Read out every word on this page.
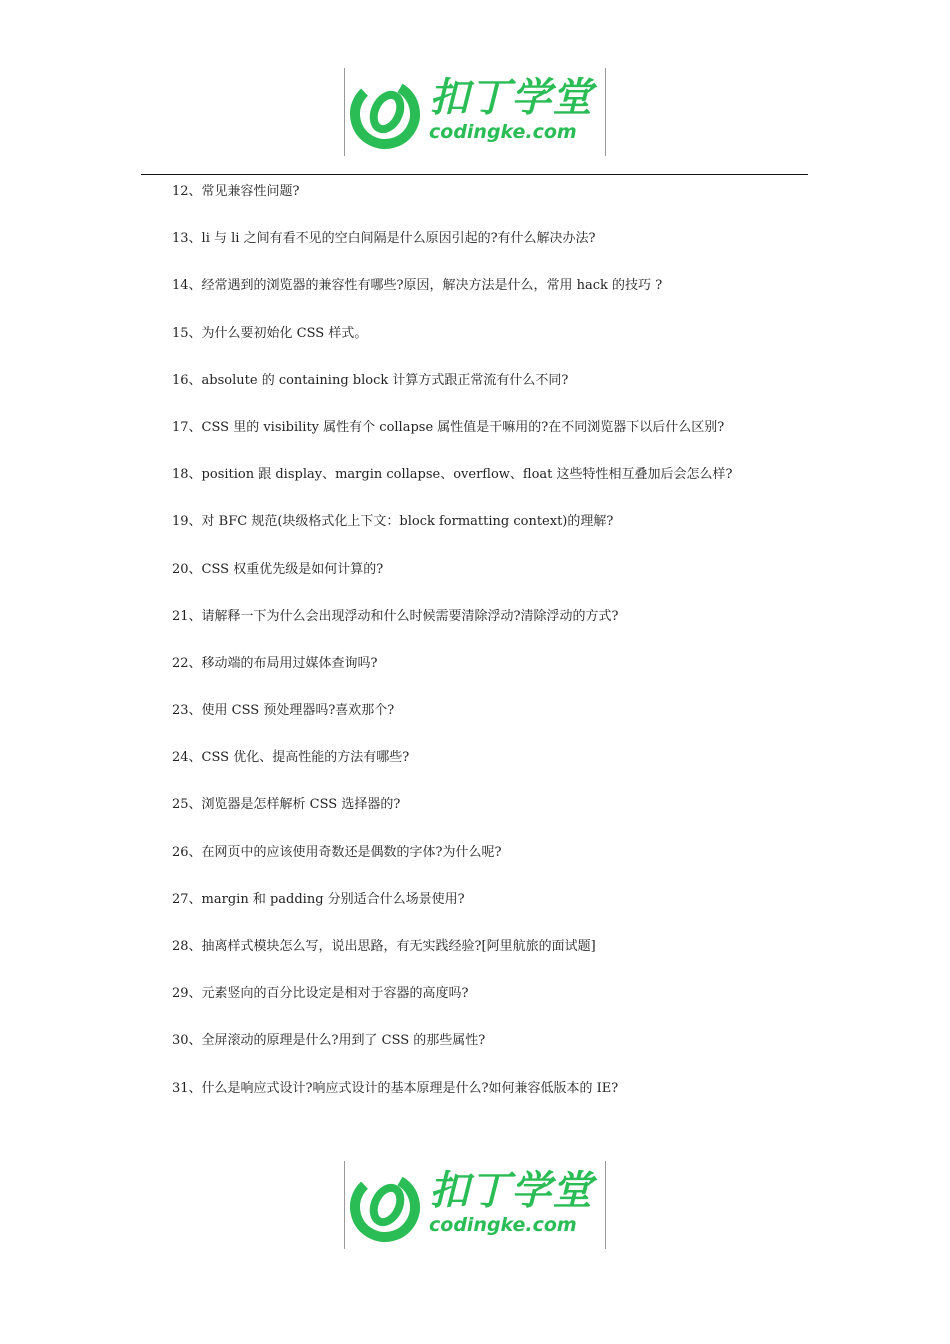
扣丁学堂
codingke.com
12、常见兼容性问题?
13、li 与 li 之间有看不见的空白间隔是什么原因引起的?有什么解决办法?
14、经常遇到的浏览器的兼容性有哪些?原因，解决方法是什么，常用 hack 的技巧 ?
15、为什么要初始化 CSS 样式。
16、absolute 的 containing block 计算方式跟正常流有什么不同?
17、CSS 里的 visibility 属性有个 collapse 属性值是干嘛用的?在不同浏览器下以后什么区别?
18、position 跟 display、margin collapse、overflow、float 这些特性相互叠加后会怎么样?
19、对 BFC 规范(块级格式化上下文：block formatting context)的理解?
20、CSS 权重优先级是如何计算的?
21、请解释一下为什么会出现浮动和什么时候需要清除浮动?清除浮动的方式?
22、移动端的布局用过媒体查询吗?
23、使用 CSS 预处理器吗?喜欢那个?
24、CSS 优化、提高性能的方法有哪些?
25、浏览器是怎样解析 CSS 选择器的?
26、在网页中的应该使用奇数还是偶数的字体?为什么呢?
27、margin 和 padding 分别适合什么场景使用?
28、抽离样式模块怎么写，说出思路，有无实践经验?[阿里航旅的面试题]
29、元素竖向的百分比设定是相对于容器的高度吗?
30、全屏滚动的原理是什么?用到了 CSS 的那些属性?
31、什么是响应式设计?响应式设计的基本原理是什么?如何兼容低版本的 IE?
扣丁学堂
codingke.com
